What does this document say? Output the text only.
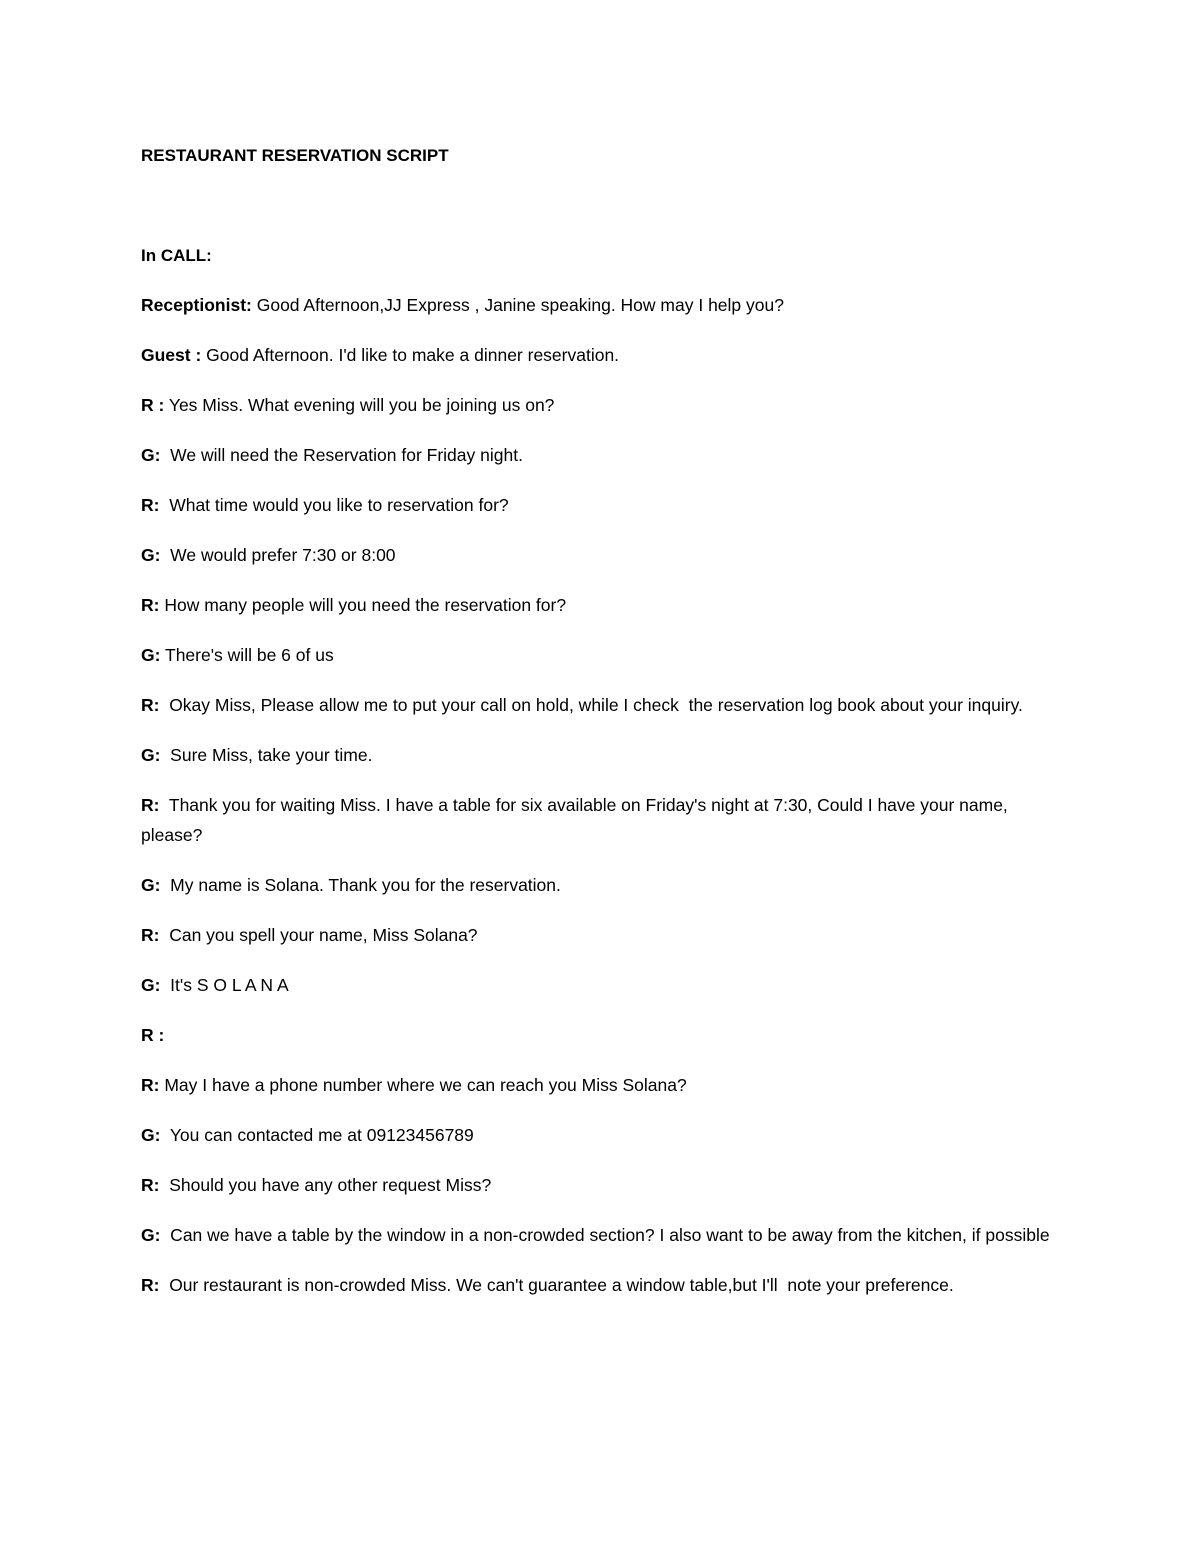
RESTAURANT RESERVATION SCRIPT

In CALL:

Receptionist: Good Afternoon,JJ Express , Janine speaking. How may I help you?

Guest : Good Afternoon. I'd like to make a dinner reservation.

R : Yes Miss. What evening will you be joining us on?

G:  We will need the Reservation for Friday night.

R:  What time would you like to reservation for?

G:  We would prefer 7:30 or 8:00

R: How many people will you need the reservation for?

G: There's will be 6 of us

R:  Okay Miss, Please allow me to put your call on hold, while I check  the reservation log book about your inquiry.

G:  Sure Miss, take your time.

R:  Thank you for waiting Miss. I have a table for six available on Friday's night at 7:30, Could I have your name, please?

G:  My name is Solana. Thank you for the reservation.

R:  Can you spell your name, Miss Solana?

G:  It's S O L A N A

R :

R: May I have a phone number where we can reach you Miss Solana?

G:  You can contacted me at 09123456789

R:  Should you have any other request Miss?

G:  Can we have a table by the window in a non-crowded section? I also want to be away from the kitchen, if possible

R:  Our restaurant is non-crowded Miss. We can't guarantee a window table,but I'll  note your preference.
